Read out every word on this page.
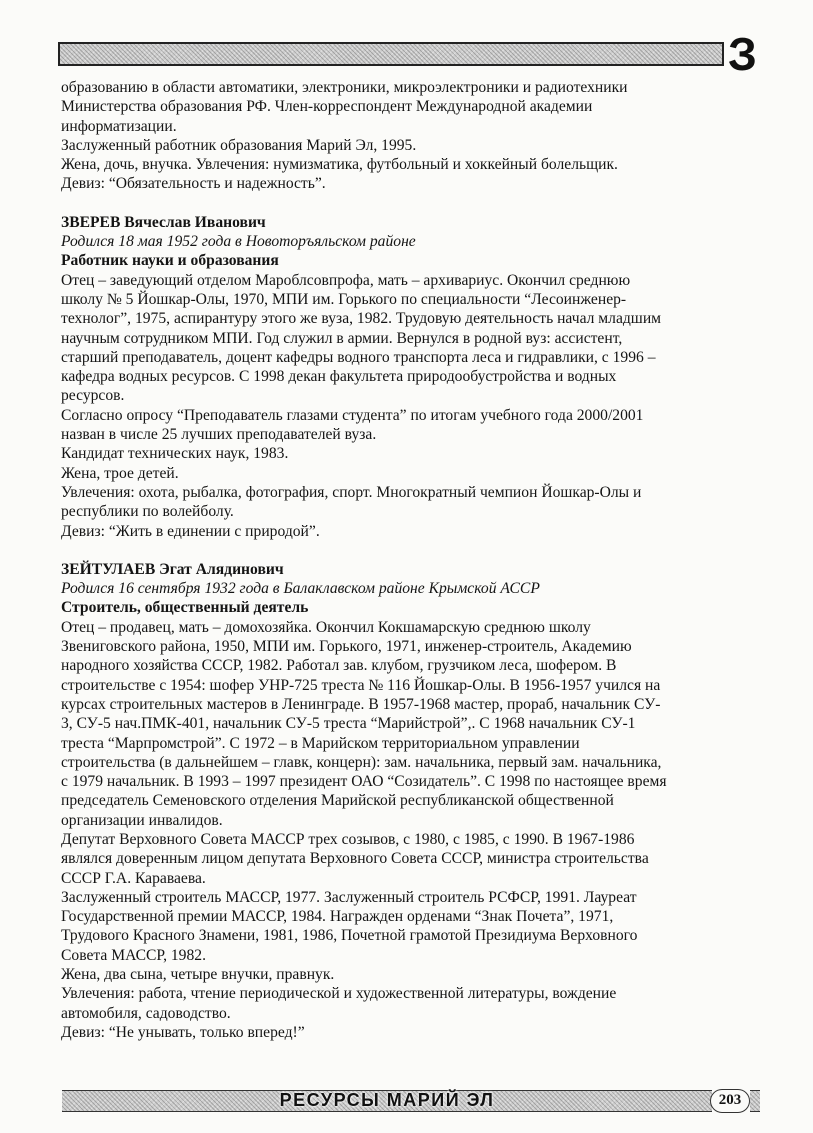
З
образованию в области автоматики, электроники, микроэлектроники и радиотехники
Министерства образования РФ. Член-корреспондент Международной академии
информатизации.
Заслуженный работник образования Марий Эл, 1995.
Жена, дочь, внучка. Увлечения: нумизматика, футбольный и хоккейный болельщик.
Девиз: “Обязательность и надежность”.
ЗВЕРЕВ Вячеслав Иванович
Родился 18 мая 1952 года в Новоторъяльском районе
Работник науки и образования
Отец – заведующий отделом Мароблсовпрофа, мать – архивариус. Окончил среднюю
школу № 5 Йошкар-Олы, 1970, МПИ им. Горького по специальности “Лесоинженер-
технолог”, 1975, аспирантуру этого же вуза, 1982. Трудовую деятельность начал младшим
научным сотрудником МПИ. Год служил в армии. Вернулся в родной вуз: ассистент,
старший преподаватель, доцент кафедры водного транспорта леса и гидравлики, с 1996 –
кафедра водных ресурсов. С 1998 декан факультета природообустройства и водных
ресурсов.
Согласно опросу “Преподаватель глазами студента” по итогам учебного года 2000/2001
назван в числе 25 лучших преподавателей вуза.
Кандидат технических наук, 1983.
Жена, трое детей.
Увлечения: охота, рыбалка, фотография, спорт. Многократный чемпион Йошкар-Олы и
республики по волейболу.
Девиз: “Жить в единении с природой”.
ЗЕЙТУЛАЕВ Эгат Алядинович
Родился 16 сентября 1932 года в Балаклавском районе Крымской АССР
Строитель, общественный деятель
Отец – продавец, мать – домохозяйка. Окончил Кокшамарскую среднюю школу
Звениговского района, 1950, МПИ им. Горького, 1971, инженер-строитель, Академию
народного хозяйства СССР, 1982. Работал зав. клубом, грузчиком леса, шофером. В
строительстве с 1954: шофер УНР-725 треста № 116 Йошкар-Олы. В 1956-1957 учился на
курсах строительных мастеров в Ленинграде. В 1957-1968 мастер, прораб, начальник СУ-
3, СУ-5 нач.ПМК-401, начальник СУ-5 треста “Марийстрой”,. С 1968 начальник СУ-1
треста “Марпромстрой”. С 1972 – в Марийском территориальном управлении
строительства (в дальнейшем – главк, концерн): зам. начальника, первый зам. начальника,
с 1979 начальник. В 1993 – 1997 президент ОАО “Созидатель”. С 1998 по настоящее время
председатель Семеновского отделения Марийской республиканской общественной
организации инвалидов.
Депутат Верховного Совета МАССР трех созывов, с 1980, с 1985, с 1990. В 1967-1986
являлся доверенным лицом депутата Верховного Совета СССР, министра строительства
СССР Г.А. Караваева.
Заслуженный строитель МАССР, 1977. Заслуженный строитель РСФСР, 1991. Лауреат
Государственной премии МАССР, 1984. Награжден орденами “Знак Почета”, 1971,
Трудового Красного Знамени, 1981, 1986, Почетной грамотой Президиума Верховного
Совета МАССР, 1982.
Жена, два сына, четыре внучки, правнук.
Увлечения: работа, чтение периодической и художественной литературы, вождение
автомобиля, садоводство.
Девиз: “Не унывать, только вперед!”
РЕСУРСЫ МАРИЙ ЭЛ	203
